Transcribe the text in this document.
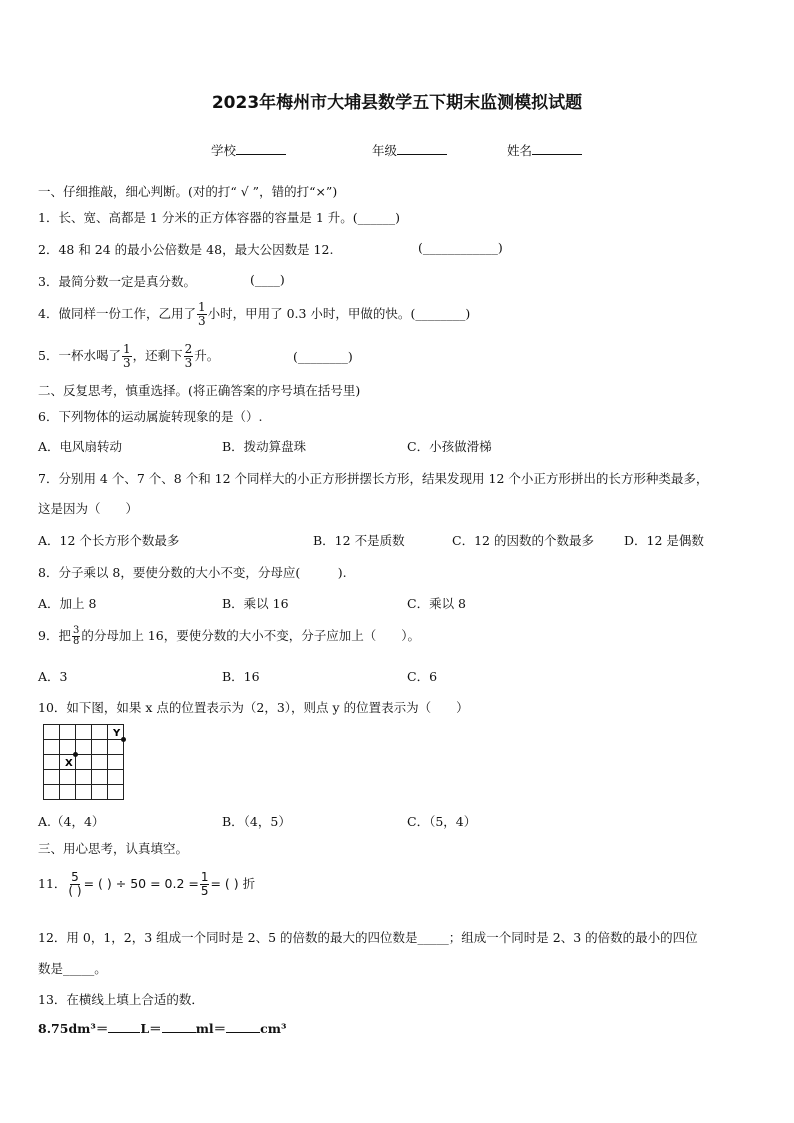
2023年梅州市大埔县数学五下期末监测模拟试题
学校	年级	姓名
一、仔细推敲，细心判断。(对的打“ √ ”，错的打“×”)
1．长、宽、高都是 1 分米的正方体容器的容量是 1 升。(______)
2．48 和 24 的最小公倍数是 48，最大公因数是 12.	(____________)
3．最简分数一定是真分数。	(____)
4．做同样一份工作，乙用了 $\frac{1}{3}$ 小时，甲用了 0.3 小时，甲做的快。(________)
5．一杯水喝了 $\frac{1}{3}$ ，还剩下 $\frac{2}{3}$ 升。	(________)
二、反复思考，慎重选择。(将正确答案的序号填在括号里)
6．下列物体的运动属旋转现象的是（）.
A．电风扇转动	B．拨动算盘珠	C．小孩做滑梯
7．分别用 4 个、7 个、8 个和 12 个同样大的小正方形拼摆长方形，结果发现用 12 个小正方形拼出的长方形种类最多，
这是因为（　　）
A．12 个长方形个数最多	B．12 不是质数	C．12 的因数的个数最多 D．12 是偶数
8．分子乘以 8，要使分数的大小不变，分母应(　　　).
A．加上 8	B．乘以 16	C．乘以 8
9．把 $\frac{3}{8}$ 的分母加上 16，要使分数的大小不变，分子应加上（　　）。
A．3	B．16	C．6
10．如下图，如果 x 点的位置表示为（2，3），则点 y 的位置表示为（　　）
X
Y
A.（4，4）	B．（4，5）	C．（5，4）
三、用心思考，认真填空。
11． $\frac{5}{( )}$ = ( ) ÷ $50 = 0.2 = \frac{1}{5}$ = ( ) 折
12．用 0，1，2，3 组成一个同时是 2、5 的倍数的最大的四位数是_____；组成一个同时是 2、3 的倍数的最小的四位
数是_____。
13．在横线上填上合适的数．
8.75dm³＝	L＝	ml＝	cm³
